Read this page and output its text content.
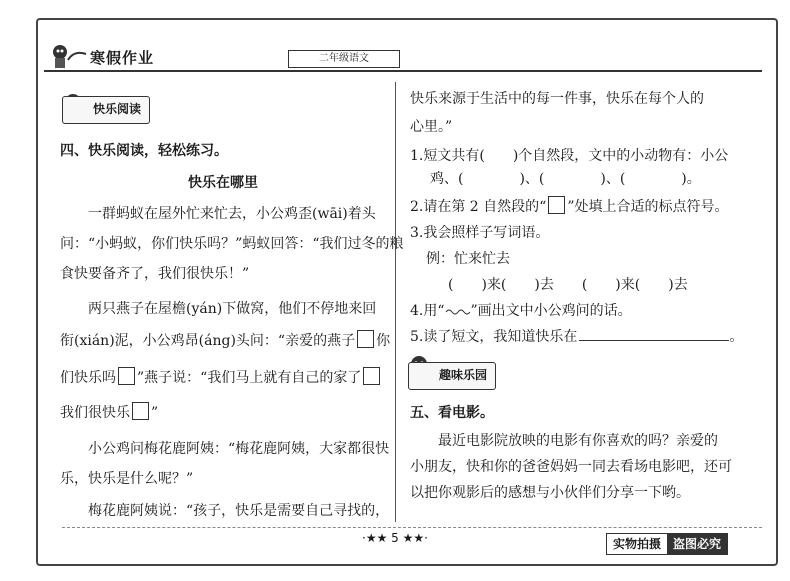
寒假作业	二年级语文
快乐阅读
四、快乐阅读，轻松练习。
快乐在哪里
一群蚂蚁在屋外忙来忙去，小公鸡歪(wāi)着头
问：“小蚂蚁，你们快乐吗？”蚂蚁回答：“我们过冬的粮
食快要备齐了，我们很快乐！”
两只燕子在屋檐(yán)下做窝，他们不停地来回
衔(xián)泥，小公鸡昂(áng)头问：“亲爱的燕子 你
们快乐吗 ”燕子说：“我们马上就有自己的家了
我们很快乐 ”
小公鸡问梅花鹿阿姨：“梅花鹿阿姨，大家都很快
乐，快乐是什么呢？”
梅花鹿阿姨说：“孩子，快乐是需要自己寻找的，
快乐来源于生活中的每一件事，快乐在每个人的
心里。”
1.短文共有(　　)个自然段，文中的小动物有：小公
鸡、(　　　　)、(　　　　)、(　　　　)。
2.请在第 2 自然段的“ ”处填上合适的标点符号。
3.我会照样子写词语。
例：忙来忙去
(　　)来(　　)去　　(　　)来(　　)去
4.用“ ”画出文中小公鸡问的话。
5.读了短文，我知道快乐在	。
趣味乐园
五、看电影。
最近电影院放映的电影有你喜欢的吗？亲爱的
小朋友，快和你的爸爸妈妈一同去看场电影吧，还可
以把你观影后的感想与小伙伴们分享一下哟。
·★★ 5 ★★·	实物拍摄	盗图必究
